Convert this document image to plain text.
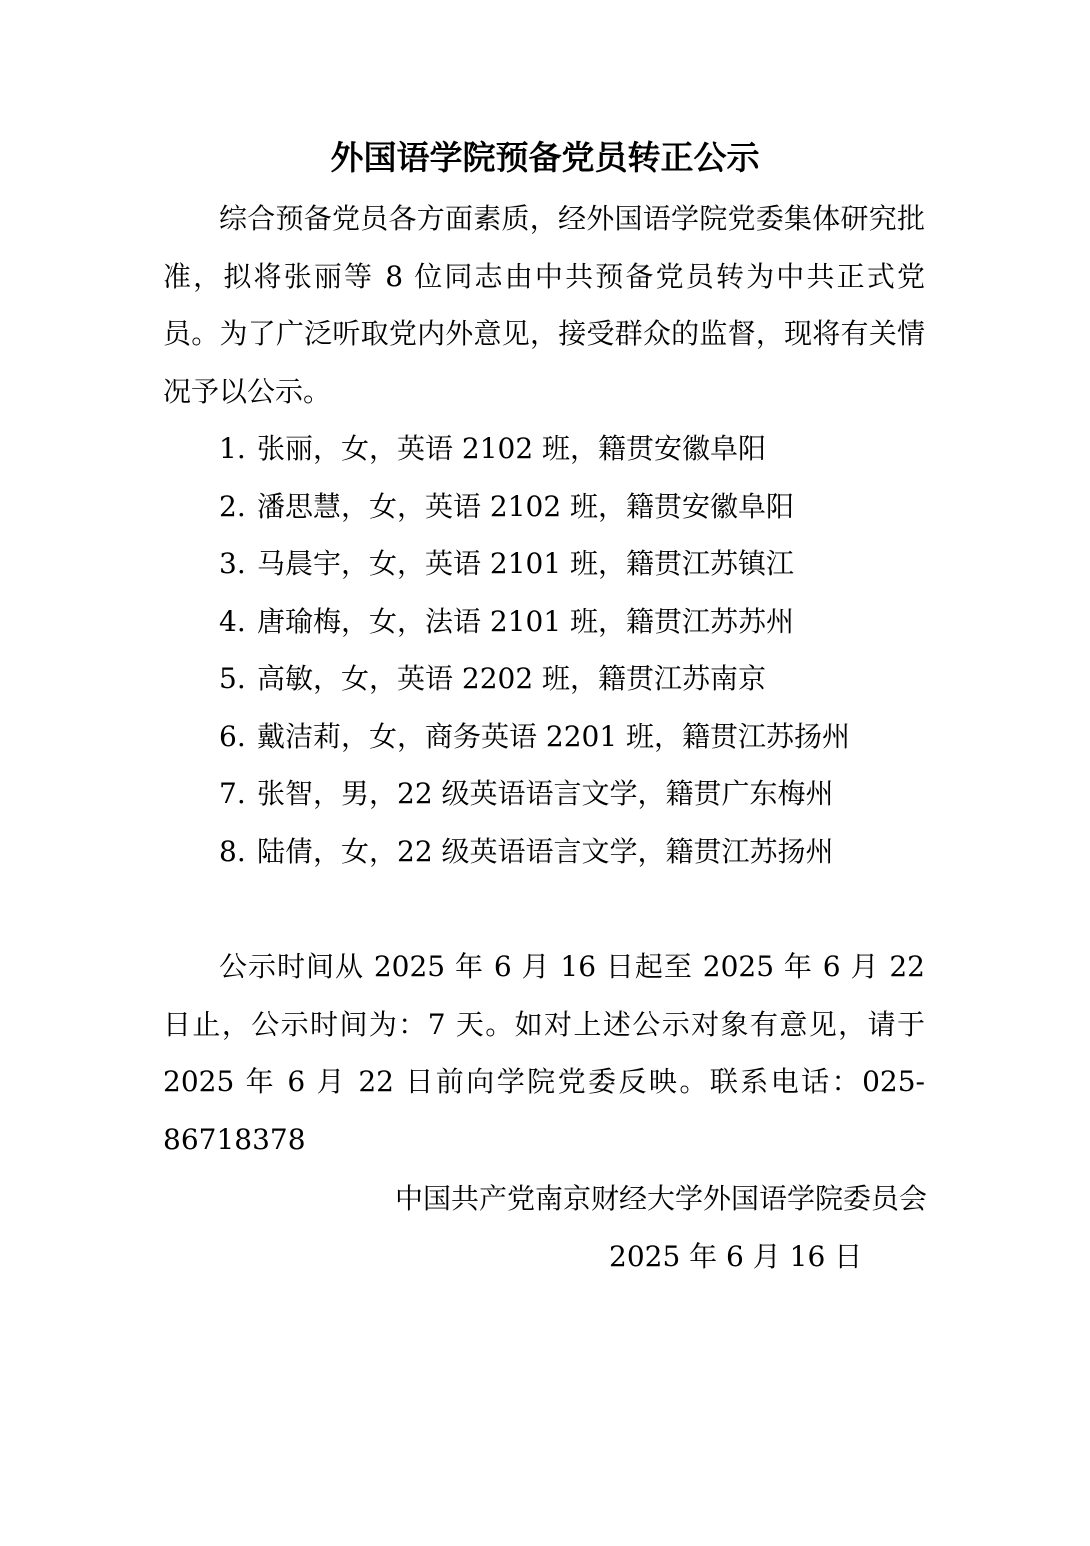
外国语学院预备党员转正公示

综合预备党员各方面素质，经外国语学院党委集体研究批准，拟将张丽等 8 位同志由中共预备党员转为中共正式党员。为了广泛听取党内外意见，接受群众的监督，现将有关情况予以公示。

1. 张丽，女，英语 2102 班，籍贯安徽阜阳
2. 潘思慧，女，英语 2102 班，籍贯安徽阜阳
3. 马晨宇，女，英语 2101 班，籍贯江苏镇江
4. 唐瑜梅，女，法语 2101 班，籍贯江苏苏州
5. 高敏，女，英语 2202 班，籍贯江苏南京
6. 戴洁莉，女，商务英语 2201 班，籍贯江苏扬州
7. 张智，男，22 级英语语言文学，籍贯广东梅州
8. 陆倩，女，22 级英语语言文学，籍贯江苏扬州

公示时间从 2025 年 6 月 16 日起至 2025 年 6 月 22 日止，公示时间为：7 天。如对上述公示对象有意见，请于 2025 年 6 月 22 日前向学院党委反映。联系电话：025-86718378

中国共产党南京财经大学外国语学院委员会

2025 年 6 月 16 日
